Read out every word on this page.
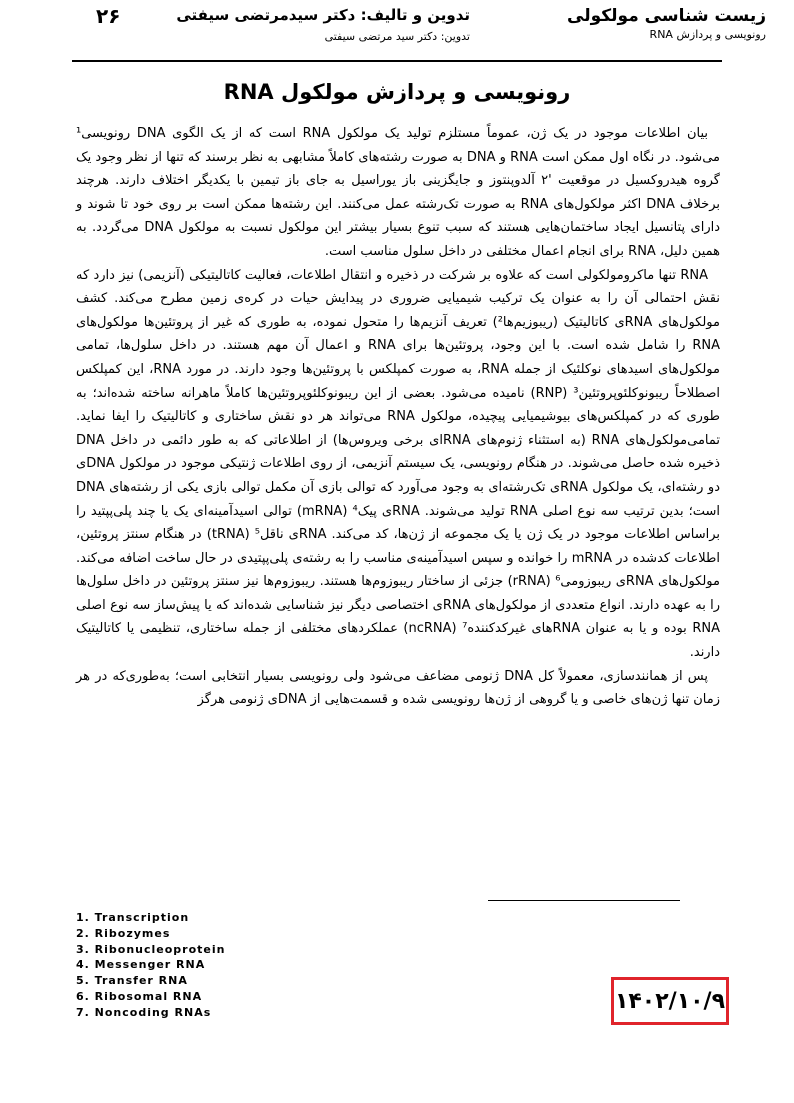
زیست شناسی مولکولی
رونویسی و پردازش RNA
تدوین و تالیف: دکتر سیدمرتضی سیفتی
تدوین: دکتر سید مرتضی سیفتی
۲۶
رونویسی و پردازش مولکول RNA

بیان اطلاعات موجود در یک ژن، عموماً مستلزم تولید یک مولکول RNA است که از یک الگوی DNA رونویسی¹ می‌شود. در نگاه اول ممکن است RNA و DNA به صورت رشته‌های کاملاً مشابهی به نظر برسند که تنها از نظر وجود یک گروه هیدروکسیل در موقعیت '۲ آلدوپنتوز و جایگزینی باز یوراسیل به جای باز تیمین با یکدیگر اختلاف دارند. هرچند برخلاف DNA اکثر مولکول‌های RNA به صورت تک‌رشته عمل می‌کنند. این رشته‌ها ممکن است بر روی خود تا شوند و دارای پتانسیل ایجاد ساختمان‌هایی هستند که سبب تنوع بسیار بیشتر این مولکول نسبت به مولکول DNA می‌گردد. به همین دلیل، RNA برای انجام اعمال مختلفی در داخل سلول مناسب است.

RNA تنها ماکرومولکولی است که علاوه بر شرکت در ذخیره و انتقال اطلاعات، فعالیت کاتالیتیکی (آنزیمی) نیز دارد که نقش احتمالی آن را به عنوان یک ترکیب شیمیایی ضروری در پیدایش حیات در کره‌ی زمین مطرح می‌کند. کشف مولکول‌های RNAی کاتالیتیک (ریبوزیم‌ها²) تعریف آنزیم‌ها را متحول نموده، به طوری که غیر از پروتئین‌ها مولکول‌های RNA را شامل شده است. با این وجود، پروتئین‌ها برای RNA و اعمال آن مهم هستند. در داخل سلول‌ها، تمامی مولکول‌های اسیدهای نوکلئیک از جمله RNA، به صورت کمپلکس با پروتئین‌ها وجود دارند. در مورد RNA، این کمپلکس اصطلاحاً ریبونوکلئوپروتئین³ (RNP) نامیده می‌شود. بعضی از این ریبونوکلئوپروتئین‌ها کاملاً ماهرانه ساخته شده‌اند؛ به طوری که در کمپلکس‌های بیوشیمیایی پیچیده، مولکول RNA می‌تواند هر دو نقش ساختاری و کاتالیتیک را ایفا نماید. تمامی‌مولکول‌های RNA (به استثناء ژنوم‌های RNAای برخی ویروس‌ها) از اطلاعاتی که به طور دائمی در داخل DNA ذخیره شده حاصل می‌شوند. در هنگام رونویسی، یک سیستم آنزیمی، از روی اطلاعات ژنتیکی موجود در مولکول DNAی دو رشته‌ای، یک مولکول RNAی تک‌رشته‌ای به وجود می‌آورد که توالی بازی آن مکمل توالی بازی یکی از رشته‌های DNA است؛ بدین ترتیب سه نوع اصلی RNA تولید می‌شوند. RNAی پیک⁴ (mRNA) توالی اسیدآمینه‌ای یک یا چند پلی‌پپتید را براساس اطلاعات موجود در یک ژن یا یک مجموعه از ژن‌ها، کد می‌کند. RNAی ناقل⁵ (tRNA) در هنگام سنتز پروتئین، اطلاعات کدشده در mRNA را خوانده و سپس اسیدآمینه‌ی مناسب را به رشته‌ی پلی‌پپتیدی در حال ساخت اضافه می‌کند. مولکول‌های RNAی ریبوزومی⁶ (rRNA) جزئی از ساختار ریبوزوم‌ها هستند. ریبوزوم‌ها نیز سنتز پروتئین در داخل سلول‌ها را به عهده دارند. انواع متعددی از مولکول‌های RNAی اختصاصی دیگر نیز شناسایی شده‌اند که یا پیش‌ساز سه نوع اصلی RNA بوده و یا به عنوان RNAهای غیرکدکننده⁷ (ncRNA) عملکردهای مختلفی از جمله ساختاری، تنظیمی یا کاتالیتیک دارند.

پس از همانندسازی، معمولاً کل DNA ژنومی مضاعف می‌شود ولی رونویسی بسیار انتخابی است؛ به‌طوری‌که در هر زمان تنها ژن‌های خاصی و یا گروهی از ژن‌ها رونویسی شده و قسمت‌هایی از DNAی ژنومی هرگز

1. Transcription
2. Ribozymes
3. Ribonucleoprotein
4. Messenger RNA
5. Transfer RNA
6. Ribosomal RNA
7. Noncoding RNAs	۱۴۰۲/۱۰/۹
